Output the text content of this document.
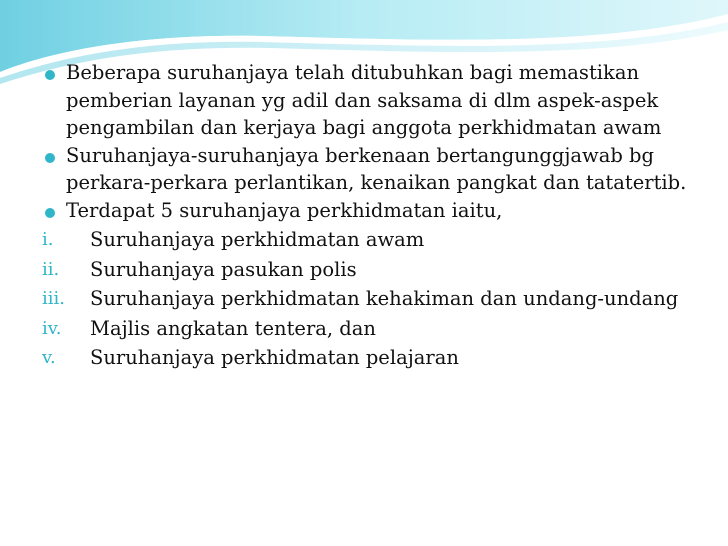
Beberapa suruhanjaya telah ditubuhkan bagi memastikan pemberian layanan yg adil dan saksama di dlm aspek-aspek pengambilan dan kerjaya bagi anggota perkhidmatan awam
Suruhanjaya-suruhanjaya berkenaan bertangunggjawab bg perkara-perkara perlantikan, kenaikan pangkat dan tatatertib.
Terdapat 5 suruhanjaya perkhidmatan iaitu,
i. Suruhanjaya perkhidmatan awam
ii. Suruhanjaya pasukan polis
iii. Suruhanjaya perkhidmatan kehakiman dan undang-undang
iv. Majlis angkatan tentera, dan
v. Suruhanjaya perkhidmatan pelajaran
